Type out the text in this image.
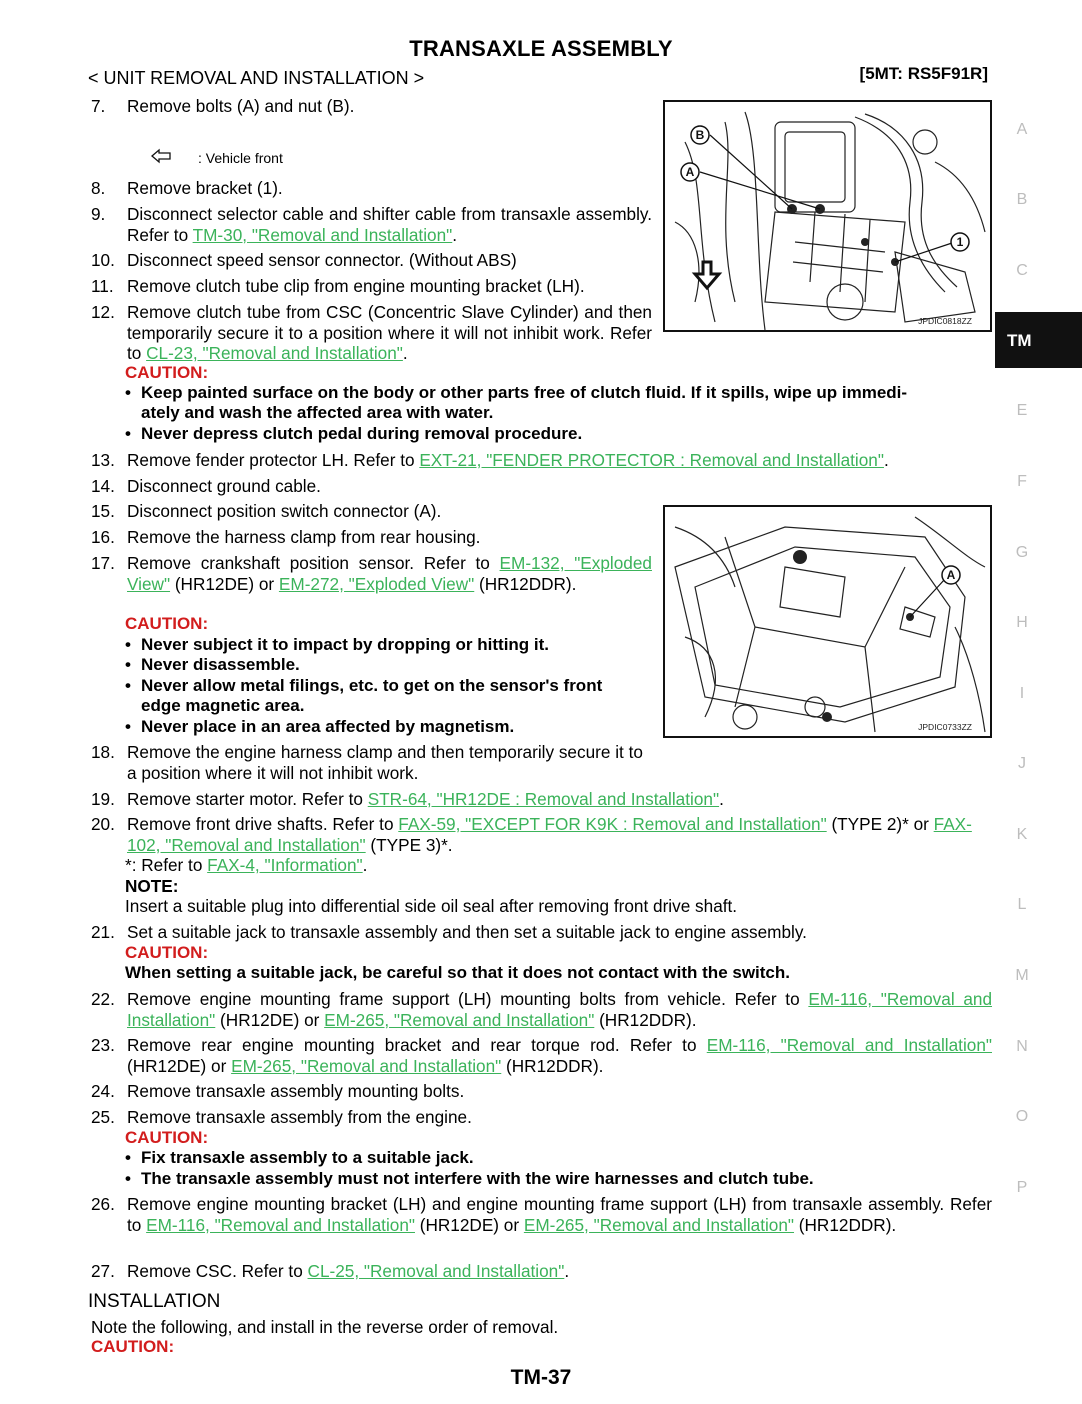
TRANSAXLE ASSEMBLY
< UNIT REMOVAL AND INSTALLATION >	[5MT: RS5F91R]
A
B
C
TM
E
F
G
H
I
J
K
L
M
N
O
P
B
A
1
JPDIC0818ZZ
A
JPDIC0733ZZ
7.	Remove bolts (A) and nut (B).
: Vehicle front
8.	Remove bracket (1).
9.	Disconnect selector cable and shifter cable from transaxle assembly. Refer to TM-30, "Removal and Installation".
10. Disconnect speed sensor connector. (Without ABS)
11. Remove clutch tube clip from engine mounting bracket (LH).
12. Remove clutch tube from CSC (Concentric Slave Cylinder) and then temporarily secure it to a position where it will not inhibit work. Refer to CL-23, "Removal and Installation".
CAUTION:
• Keep painted surface on the body or other parts free of clutch fluid. If it spills, wipe up immedi-
ately and wash the affected area with water.
• Never depress clutch pedal during removal procedure.
13. Remove fender protector LH. Refer to EXT-21, "FENDER PROTECTOR : Removal and Installation".
14. Disconnect ground cable.
15. Disconnect position switch connector (A).
16. Remove the harness clamp from rear housing.
17. Remove crankshaft position sensor. Refer to EM-132, "Exploded View" (HR12DE) or EM-272, "Exploded View" (HR12DDR).
CAUTION:
• Never subject it to impact by dropping or hitting it.
• Never disassemble.
• Never allow metal filings, etc. to get on the sensor's front
edge magnetic area.
• Never place in an area affected by magnetism.
18. Remove the engine harness clamp and then temporarily secure it to a position where it will not inhibit work.
19. Remove starter motor. Refer to STR-64, "HR12DE : Removal and Installation".
20. Remove front drive shafts. Refer to FAX-59, "EXCEPT FOR K9K : Removal and Installation" (TYPE 2)* or FAX-102, "Removal and Installation" (TYPE 3)*.
*: Refer to FAX-4, "Information".
NOTE:
Insert a suitable plug into differential side oil seal after removing front drive shaft.
21. Set a suitable jack to transaxle assembly and then set a suitable jack to engine assembly.
CAUTION:
When setting a suitable jack, be careful so that it does not contact with the switch.
22. Remove engine mounting frame support (LH) mounting bolts from vehicle. Refer to EM-116, "Removal and Installation" (HR12DE) or EM-265, "Removal and Installation" (HR12DDR).
23. Remove rear engine mounting bracket and rear torque rod. Refer to EM-116, "Removal and Installation" (HR12DE) or EM-265, "Removal and Installation" (HR12DDR).
24. Remove transaxle assembly mounting bolts.
25. Remove transaxle assembly from the engine.
CAUTION:
• Fix transaxle assembly to a suitable jack.
• The transaxle assembly must not interfere with the wire harnesses and clutch tube.
26. Remove engine mounting bracket (LH) and engine mounting frame support (LH) from transaxle assembly. Refer to EM-116, "Removal and Installation" (HR12DE) or EM-265, "Removal and Installation" (HR12DDR).
27. Remove CSC. Refer to CL-25, "Removal and Installation".
INSTALLATION
Note the following, and install in the reverse order of removal.
CAUTION:
TM-37
